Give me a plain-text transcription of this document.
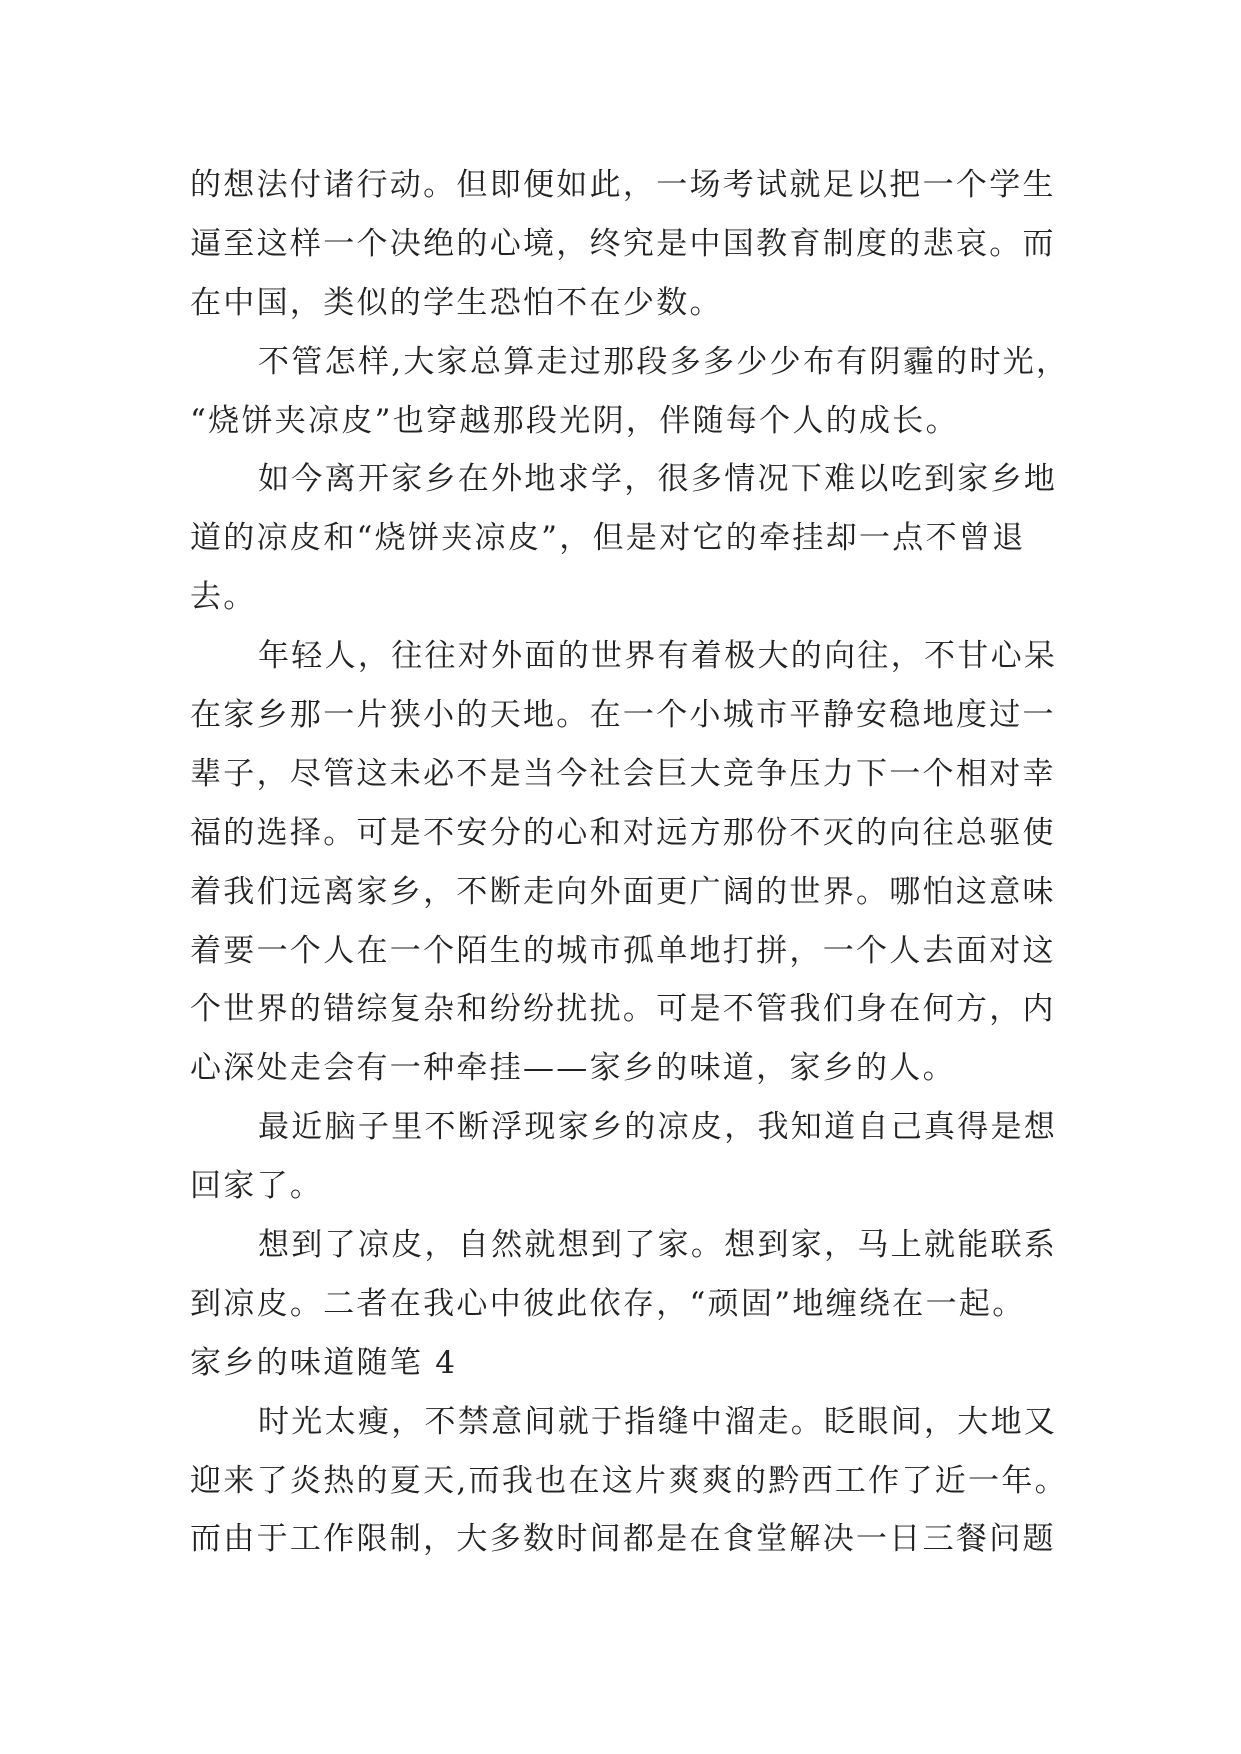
的想法付诸行动。但即便如此，一场考试就足以把一个学生
逼至这样一个决绝的心境，终究是中国教育制度的悲哀。而
在中国，类似的学生恐怕不在少数。
不管怎样,大家总算走过那段多多少少布有阴霾的时光，
“烧饼夹凉皮”也穿越那段光阴，伴随每个人的成长。
如今离开家乡在外地求学，很多情况下难以吃到家乡地
道的凉皮和“烧饼夹凉皮”，但是对它的牵挂却一点不曾退
去。
年轻人，往往对外面的世界有着极大的向往，不甘心呆
在家乡那一片狭小的天地。在一个小城市平静安稳地度过一
辈子，尽管这未必不是当今社会巨大竞争压力下一个相对幸
福的选择。可是不安分的心和对远方那份不灭的向往总驱使
着我们远离家乡，不断走向外面更广阔的世界。哪怕这意味
着要一个人在一个陌生的城市孤单地打拼，一个人去面对这
个世界的错综复杂和纷纷扰扰。可是不管我们身在何方，内
心深处走会有一种牵挂——家乡的味道，家乡的人。
最近脑子里不断浮现家乡的凉皮，我知道自己真得是想
回家了。
想到了凉皮，自然就想到了家。想到家，马上就能联系
到凉皮。二者在我心中彼此依存，“顽固”地缠绕在一起。
家乡的味道随笔 4
时光太瘦，不禁意间就于指缝中溜走。眨眼间，大地又
迎来了炎热的夏天,而我也在这片爽爽的黔西工作了近一年。
而由于工作限制，大多数时间都是在食堂解决一日三餐问题
